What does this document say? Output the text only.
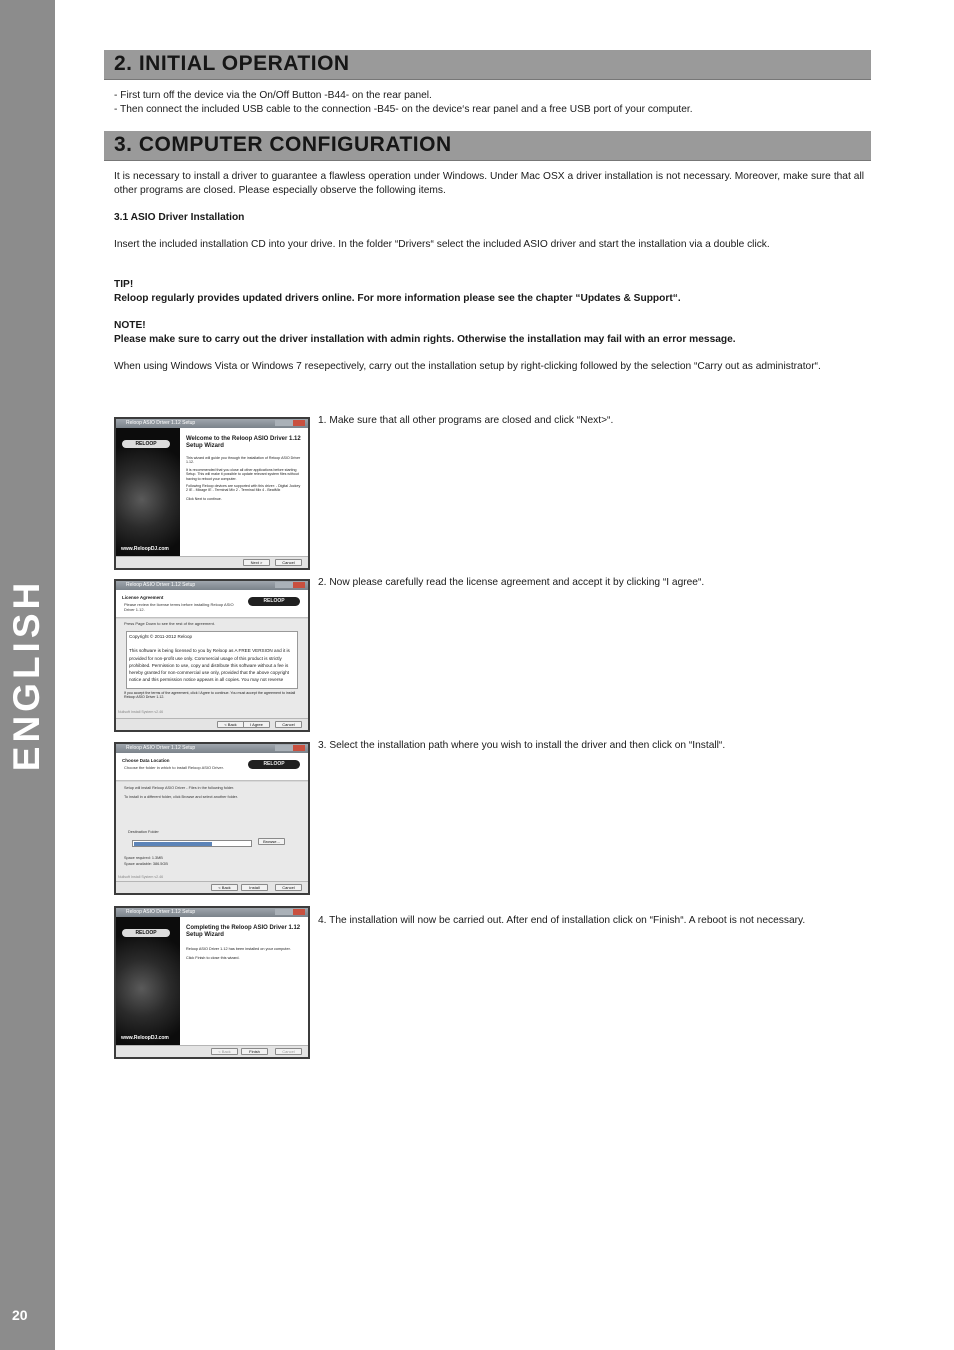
ENGLISH
20
2. INITIAL OPERATION
- First turn off the device via the On/Off Button -B44- on the rear panel.
- Then connect the included USB cable to the connection -B45- on the device‘s rear panel and a free USB port of your computer.
3. COMPUTER CONFIGURATION
It is necessary to install a driver to guarantee a flawless operation under Windows. Under Mac OSX a driver installation is not necessary. Moreover, make sure that all other programs are closed. Please especially observe the following items.
3.1 ASIO Driver Installation
Insert the included installation CD into your drive. In the folder “Drivers“ select the included ASIO driver and start the installation via a double click.
TIP!
Reloop regularly provides updated drivers online. For more information please see the chapter “Updates & Support“.
NOTE!
Please make sure to carry out the driver installation with admin rights. Otherwise the installation may fail with an error message.
When using Windows Vista or Windows 7 resepectively, carry out the installation setup by right-clicking followed by the selection “Carry out as administrator“.
1. Make sure that all other programs are closed and click “Next>“.
2. Now please carefully read the license agreement and accept it by clicking “I agree“.
3. Select the installation path where you wish to install the driver and then click on “Install“.
4. The installation will now be carried out. After end of installation click on “Finish“. A reboot is not necessary.
Reloop ASIO Driver 1.12 Setup
RELOOP
www.ReloopDJ.com
Welcome to the Reloop ASIO Driver 1.12 Setup Wizard
This wizard will guide you through the installation of Reloop ASIO Driver 1.12.
It is recommended that you close all other applications before starting Setup. This will make it possible to update relevant system files without having to reboot your computer.
Following Reloop devices are supported with this driver: - Digital Jockey 2 IE - Mixage IE - Terminal Mix 2 - Terminal Mix 4 - BeatMix
Click Next to continue.
Next >	Cancel
Reloop ASIO Driver 1.12 Setup
License Agreement
Please review the license terms before installing Reloop ASIO Driver 1.12.
RELOOP
Press Page Down to see the rest of the agreement.
Copyright © 2011-2012 Reloop

This software is being licensed to you by Reloop as A FREE VERSION and it is provided for non-profit use only. Commercial usage of this product is strictly prohibited. Permission to use, copy and distribute this software without a fee is hereby granted for non-commercial use only, provided that the above copyright notice and this permission notice appears in all copies. You may not reverse
If you accept the terms of the agreement, click I Agree to continue. You must accept the agreement to install Reloop ASIO Driver 1.12.
Nullsoft Install System v2.46
< Back	I Agree	Cancel
Reloop ASIO Driver 1.12 Setup
Choose Data Location
Choose the folder in which to install Reloop ASIO Driver.
RELOOP
Setup will install Reloop ASIO Driver - Files in the following folder.
To install in a different folder, click Browse and select another folder.
Destination Folder
Browse...
Space required: 1.3MB
Space available: 386.5GB
Nullsoft Install System v2.46
< Back	Install	Cancel
Reloop ASIO Driver 1.12 Setup
RELOOP
www.ReloopDJ.com
Completing the Reloop ASIO Driver 1.12 Setup Wizard
Reloop ASIO Driver 1.12 has been installed on your computer.
Click Finish to close this wizard.
< Back	Finish	Cancel
